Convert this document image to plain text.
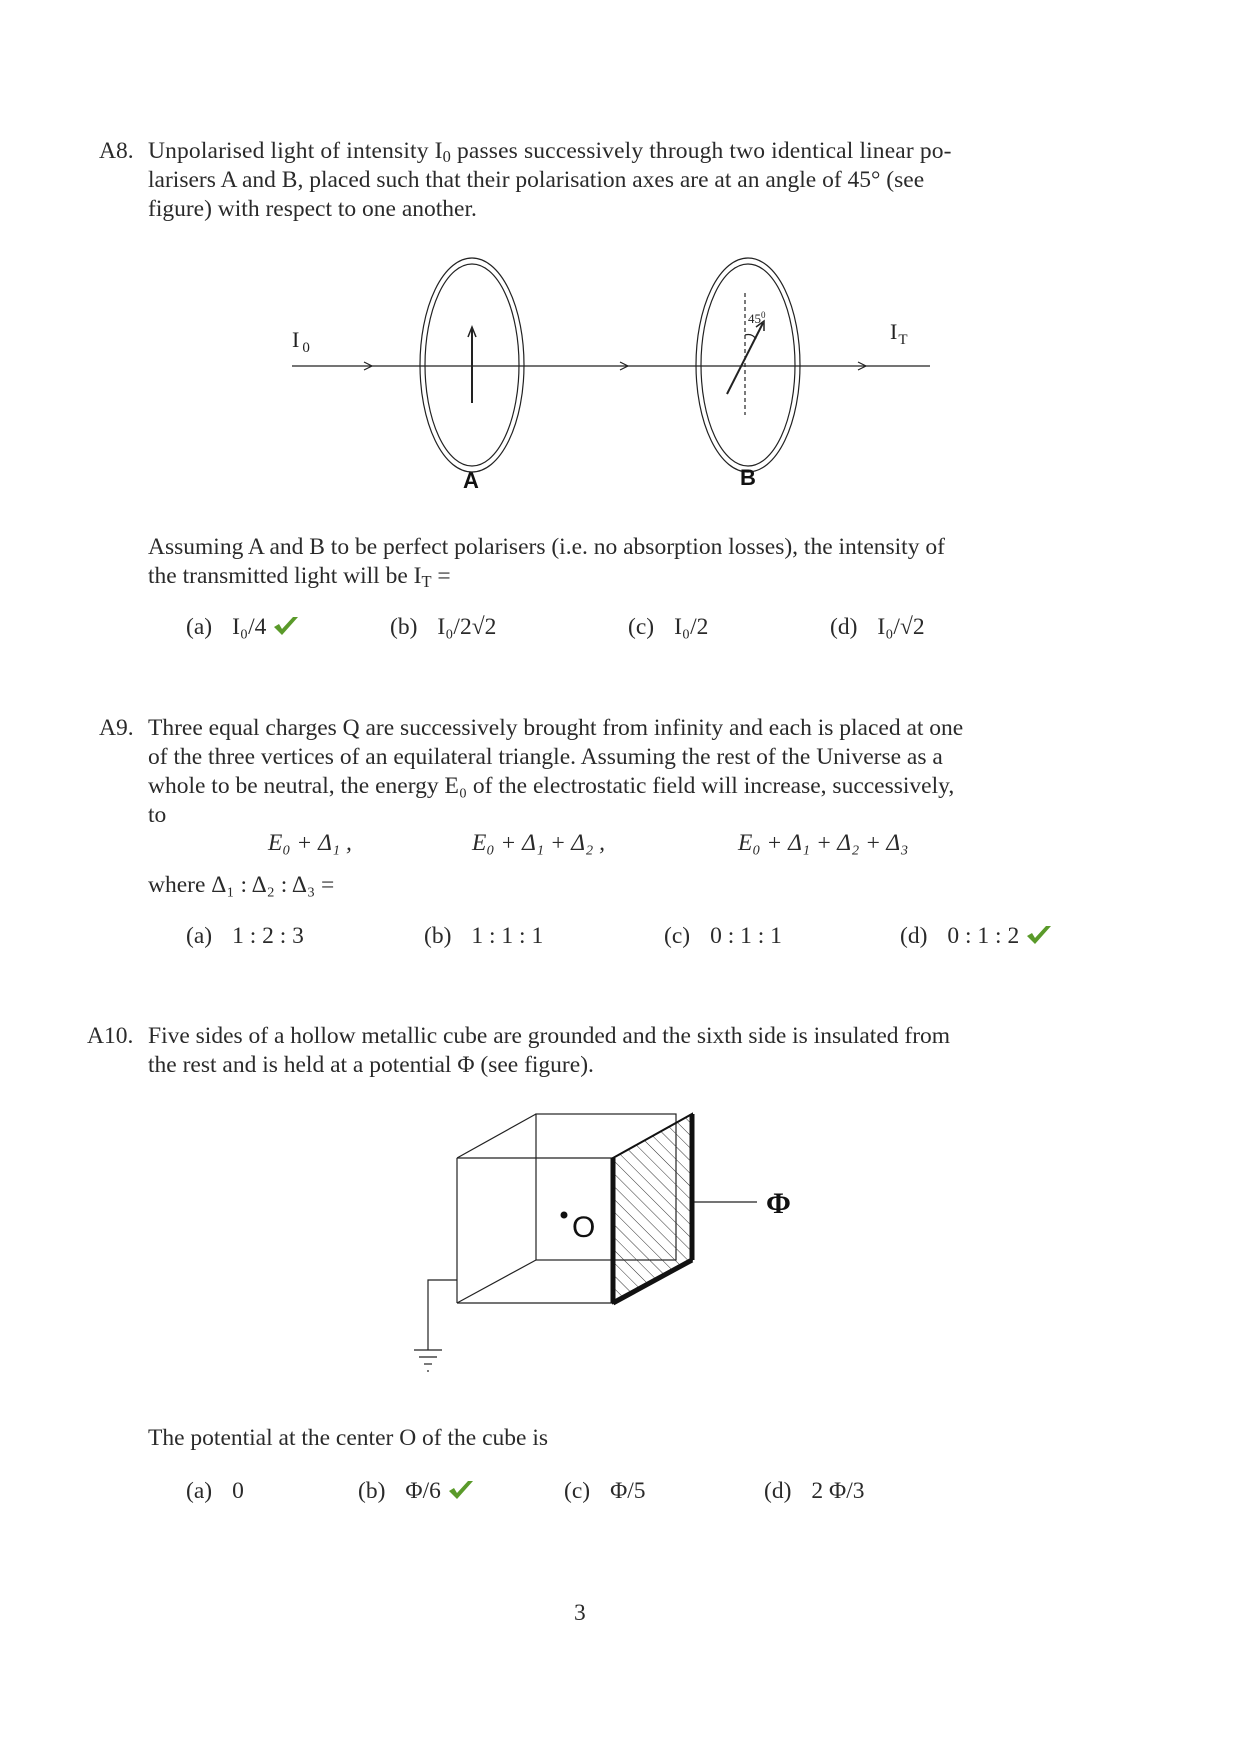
A8. Unpolarised light of intensity $I_0$ passes successively through two identical linear po-
larisers A and B, placed such that their polarisation axes are at an angle of 45° (see
figure) with respect to one another.
I $_0$
$I_T$
$45^0$
A	B
Assuming A and B to be perfect polarisers (i.e. no absorption losses), the intensity of
the transmitted light will be $I_T$ =
(a) I₀/4	(b) I₀/2√2	(c) I₀/2	(d) I₀/√2
A9. Three equal charges Q are successively brought from infinity and each is placed at one
of the three vertices of an equilateral triangle. Assuming the rest of the Universe as a
whole to be neutral, the energy E₀ of the electrostatic field will increase, successively,
to
E₀ + Δ₁ ,	E₀ + Δ₁ + Δ₂ ,	E₀ + Δ₁ + Δ₂ + Δ₃
where Δ₁ : Δ₂ : Δ₃ =
(a) 1 : 2 : 3	(b) 1 : 1 : 1	(c) 0 : 1 : 1	(d) 0 : 1 : 2
A10. Five sides of a hollow metallic cube are grounded and the sixth side is insulated from
the rest and is held at a potential Φ (see figure).
O
Φ
The potential at the center O of the cube is
(a) 0	(b) Φ/6	(c) Φ/5	(d) 2 Φ/3
3
